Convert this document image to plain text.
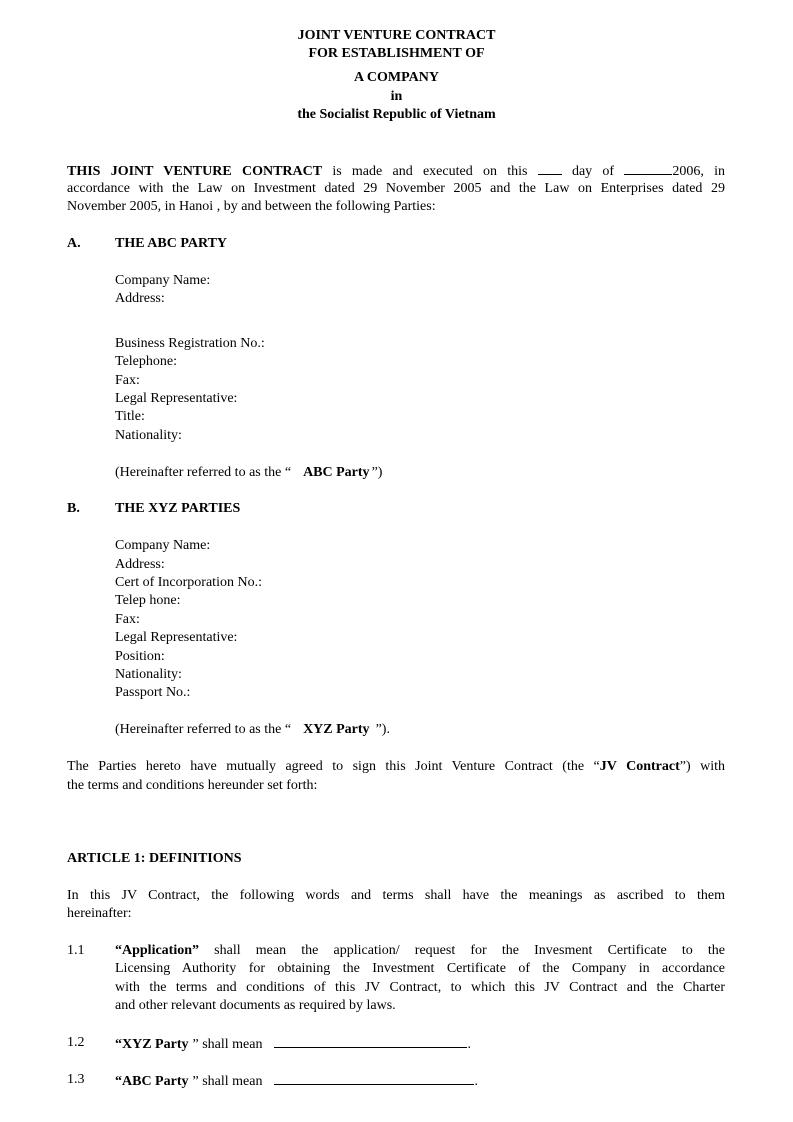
JOINT VENTURE CONTRACT
FOR ESTABLISHMENT OF
A COMPANY
in
the Socialist Republic of Vietnam
THIS JOINT VENTURE CONTRACT is made and executed on this  day of	2006, in
accordance with the Law on Investment dated 29 November 2005 and the Law on Enterprises dated 29
November 2005, in Hanoi , by and between the following Parties:
A. THE ABC PARTY
Company Name:
Address:
Business Registration No.:
Telephone:
Fax:
Legal Representative:
Title:
Nationality:
(Hereinafter referred to as the “ ABC Party ”)
B.	THE XYZ PARTIES
Company Name:
Address:
Cert of Incorporation No.:
Telep hone:
Fax:
Legal Representative:
Position:
Nationality:
Passport No.:
(Hereinafter referred to as the “ XYZ Party ”).
The Parties hereto have mutually agreed to sign this Joint Venture Contract (the “JV Contract”) with
the terms and conditions hereunder set forth:
ARTICLE 1: DEFINITIONS
In this JV Contract, the following words and terms shall have the meanings as ascribed to them
hereinafter:
1.1 “Application” shall mean the application/ request for the Invesment Certificate to the
Licensing Authority for obtaining the Investment Certificate of the Company in accordance
with the terms and conditions of this JV Contract, to which this JV Contract and the Charter
and other relevant documents as required by laws.
1.2 “XYZ Party ” shall mean	.
1.3 “ABC Party ” shall mean	.
